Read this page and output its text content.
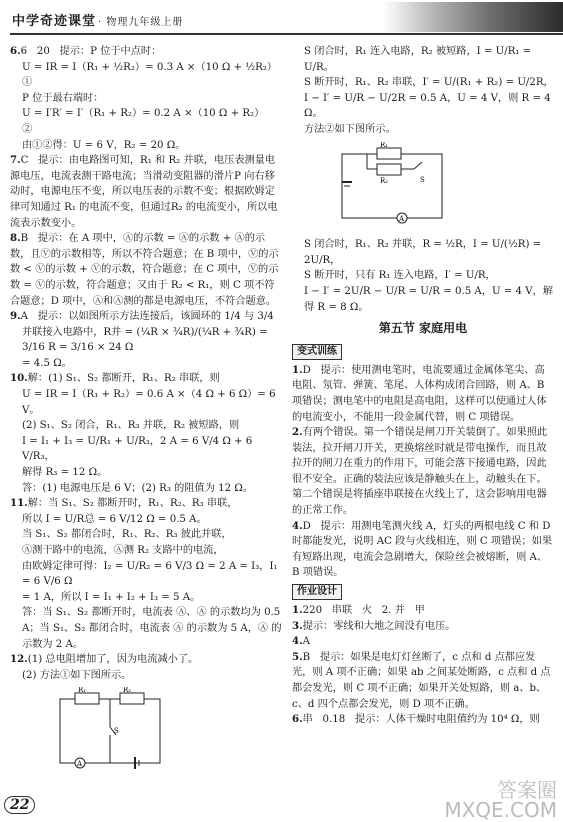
中学奇迹课堂 · 物理九年级上册

6.6   20   提示：P 位于中点时：

U = IR = I（R₁ + ½R₂）= 0.3 A ×（10 Ω + ½R₂）①

P 位于最右端时：

U = I′R′ = I′（R₁ + R₂）= 0.2 A ×（10 Ω + R₂）   ②

由①②得：U = 6 V，R₂ = 20 Ω。

7.C   提示：由电路图可知，R₁ 和 R₂ 并联，电压表测量电源电压，电流表测干路电流；当滑动变阻器的滑片P 向右移动时，电源电压不变，所以电压表的示数不变；根据欧姆定律可知通过 R₁ 的电流不变，但通过R₂ 的电流变小，所以电流表示数变小。

8.B   提示：在 A 项中，Ⓐ的示数 = Ⓐ的示数 + Ⓐ的示数，且Ⓥ的示数相等，所以不符合题意；在 B 项中，Ⓥ的示数 < Ⓥ的示数 + Ⓥ的示数，符合题意；在 C 项中，Ⓥ的示数 = Ⓥ的示数，符合题意；又由于 R₂ < R₁，则 C 项不符合题意；D 项中，Ⓐ和Ⓐ测的都是电源电压，不符合题意。

9.A   提示：以如图所示方法连接后，该圆环的 1/4 与 3/4

并联接入电路中，R并 = (¼R × ¾R)/(¼R + ¾R) = 3/16 R = 3/16 × 24 Ω

= 4.5 Ω。

10.解：(1) S₁、S₂ 都断开，R₁、R₂ 串联，则

U = IR = I（R₁ + R₂）= 0.6 A ×（4 Ω + 6 Ω）= 6 V。

(2) S₁、S₂ 闭合，R₁、R₃ 并联，R₂ 被短路，则

I = I₁ + I₃ = U/R₁ + U/R₃，2 A = 6 V/4 Ω + 6 V/R₃，

解得 R₃ = 12 Ω。

答：(1) 电源电压是 6 V；(2) R₃ 的阻值为 12 Ω。

11.解：当 S₁、S₂ 都断开时，R₁、R₂、R₃ 串联，

所以 I = U/R总 = 6 V/12 Ω = 0.5 A。

当 S₁、S₂ 都闭合时，R₁、R₂、R₃ 彼此并联，

Ⓐ测干路中的电流，Ⓐ测 R₂ 支路中的电流，

由欧姆定律可得：I₂ = U/R₂ = 6 V/3 Ω = 2 A = I₃，I₁ = 6 V/6 Ω

= 1 A，所以 I = I₁ + I₂ + I₃ = 5 A。

答：当 S₁、S₂ 都断开时，电流表 Ⓐ、Ⓐ 的示数均为 0.5 A；当 S₁、S₂ 都闭合时，电流表 Ⓐ 的示数为 5 A，Ⓐ 的示数为 2 A。

12.(1) 总电阻增加了，因为电流减小了。

(2) 方法①如下图所示。

R₁	R₂
S
A

S 闭合时，R₁ 连入电路，R₂ 被短路，I = U/R₁ = U/R。

S 断开时，R₁、R₂ 串联，I′ = U/(R₁ + R₂) = U/2R，

I − I′ = U/R − U/2R = 0.5 A，U = 4 V，则 R = 4 Ω。

方法②如下图所示。

R₁
R₂	S
A

S 闭合时，R₁、R₂ 并联，R = ½R，I = U/(½R) = 2U/R，

S 断开时，只有 R₁ 连入电路，I′ = U/R，

I − I′ = 2U/R − U/R = U/R = 0.5 A，U = 4 V，解得 R = 8 Ω。

第五节 家庭用电
变式训练

1.D   提示：使用测电笔时，电流要通过金属体笔尖、高电阻、氖管、弹簧、笔尾、人体构成闭合回路，则 A、B 项错误；测电笔中的电阻是高电阻，这样可以使通过人体的电流变小，不能用一段金属代替，则 C 项错误。

2.有两个错误。第一个错误是闸刀开关装倒了。如果照此装法，拉开闸刀开关，更换熔丝时就是带电操作，而且故拉开的闸刀在重力的作用下，可能会落下接通电路，因此很不安全。正确的装法应该是静触头在上，动触头在下。第二个错误是将插座串联接在火线上了，这会影响用电器的正常工作。

4.D   提示：用测电笔测火线 A，灯头的两根电线 C 和 D 时都能发光，说明 AC 段与火线相连，则 C 项错误；如果有短路出现，电流会急剧增大，保险丝会被熔断，则 A、B 项错误。

作业设计

1.220   串联   火   2. 并   甲

3.提示：零线和大地之间没有电压。

4.A

5.B   提示：如果是电灯灯丝断了，c 点和 d 点都应发光，则 A 项不正确；如果 ab 之间某处断路，c 点和 d 点都会发光，则 C 项不正确；如果开关处短路，则 a、b、c、d 四个点都会发光，则 D 项不正确。

6.串   0.18   提示：人体干燥时电阻值约为 10⁴ Ω，则

22
答案圈
MXQE.COM
